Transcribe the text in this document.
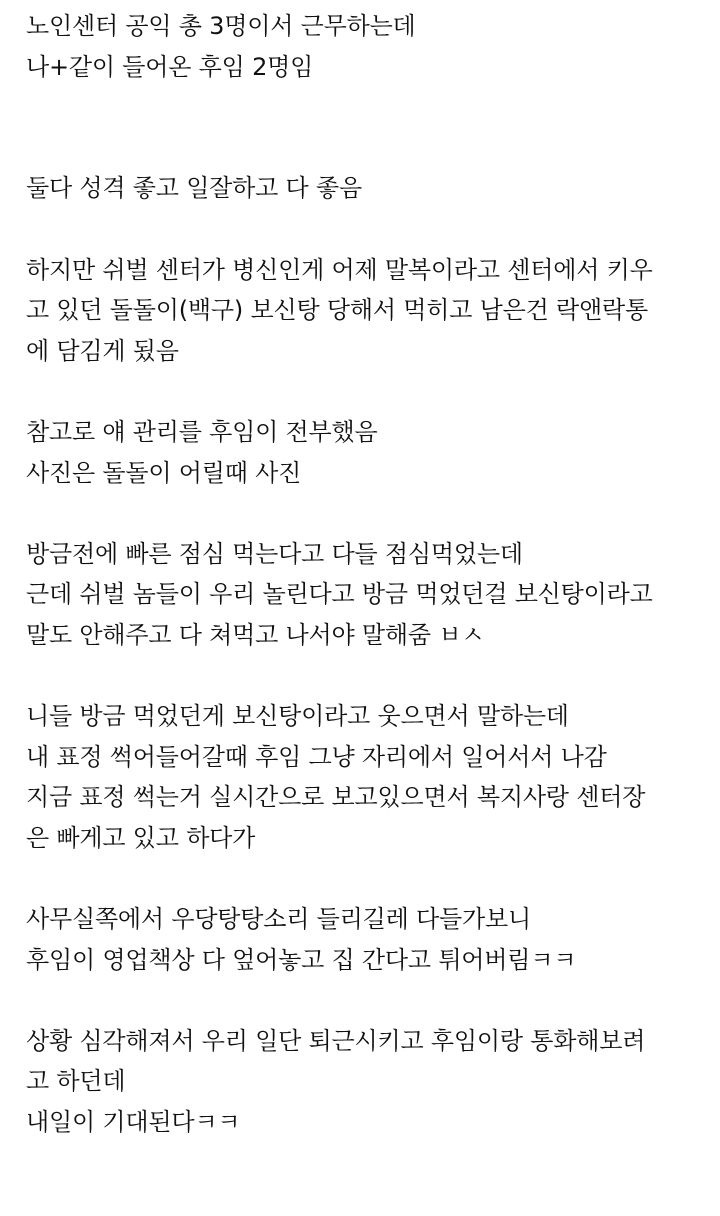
노인센터 공익 총 3명이서 근무하는데
나+같이 들어온 후임 2명임
둘다 성격 좋고 일잘하고 다 좋음
하지만 쉬벌 센터가 병신인게 어제 말복이라고 센터에서 키우
고 있던 돌돌이(백구) 보신탕 당해서 먹히고 남은건 락앤락통
에 담김게 됬음
참고로 얘 관리를 후임이 전부했음
사진은 돌돌이 어릴때 사진
방금전에 빠른 점심 먹는다고 다들 점심먹었는데
근데 쉬벌 놈들이 우리 놀린다고 방금 먹었던걸 보신탕이라고
말도 안해주고 다 쳐먹고 나서야 말해줌 ㅂㅅ
니들 방금 먹었던게 보신탕이라고 웃으면서 말하는데
내 표정 썩어들어갈때 후임 그냥 자리에서 일어서서 나감
지금 표정 썩는거 실시간으로 보고있으면서 복지사랑 센터장
은 빠게고 있고 하다가
사무실쪽에서 우당탕탕소리 들리길레 다들가보니
후임이 영업책상 다 엎어놓고 집 간다고 튀어버림ㅋㅋ
상황 심각해져서 우리 일단 퇴근시키고 후임이랑 통화해보려
고 하던데
내일이 기대된다ㅋㅋ
